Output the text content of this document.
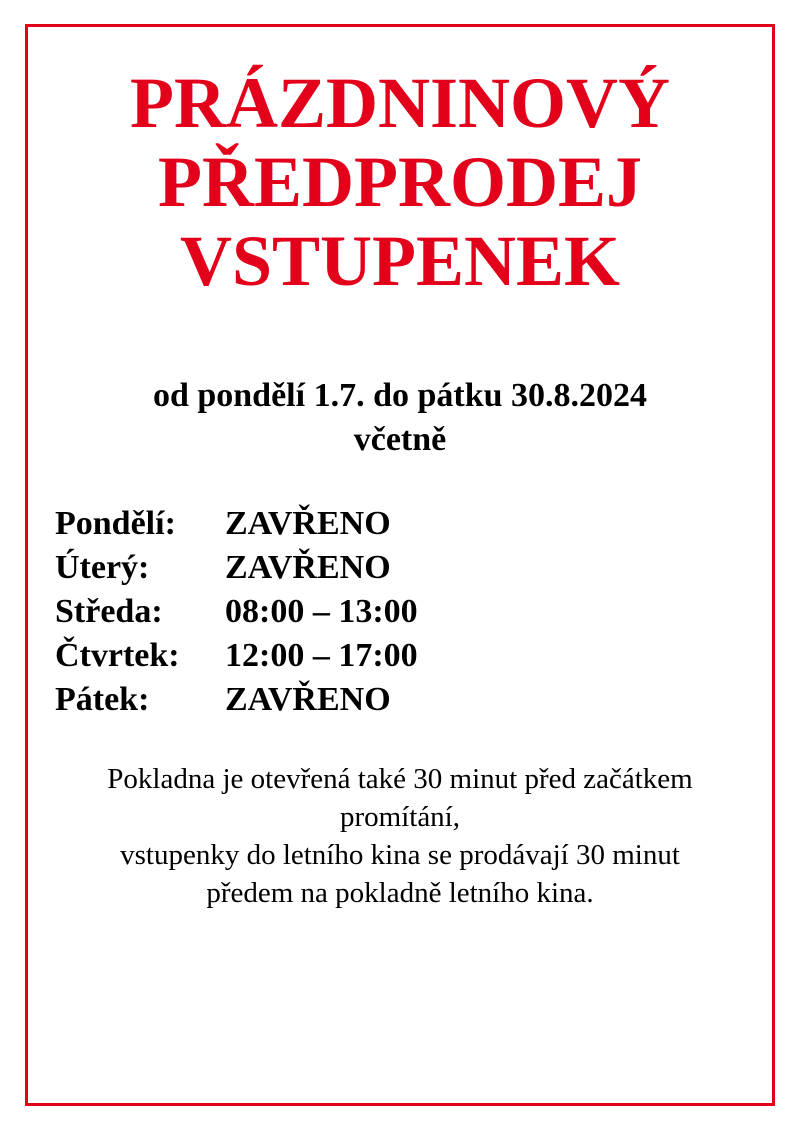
PRÁZDNINOVÝ
PŘEDPRODEJ
VSTUPENEK

od pondělí 1.7. do pátku 30.8.2024
včetně

Pondělí:	ZAVŘENO
Úterý:	ZAVŘENO
Středa:	08:00 – 13:00
Čtvrtek:	12:00 – 17:00
Pátek:	ZAVŘENO

Pokladna je otevřená také 30 minut před začátkem
promítání,
vstupenky do letního kina se prodávají 30 minut
předem na pokladně letního kina.
